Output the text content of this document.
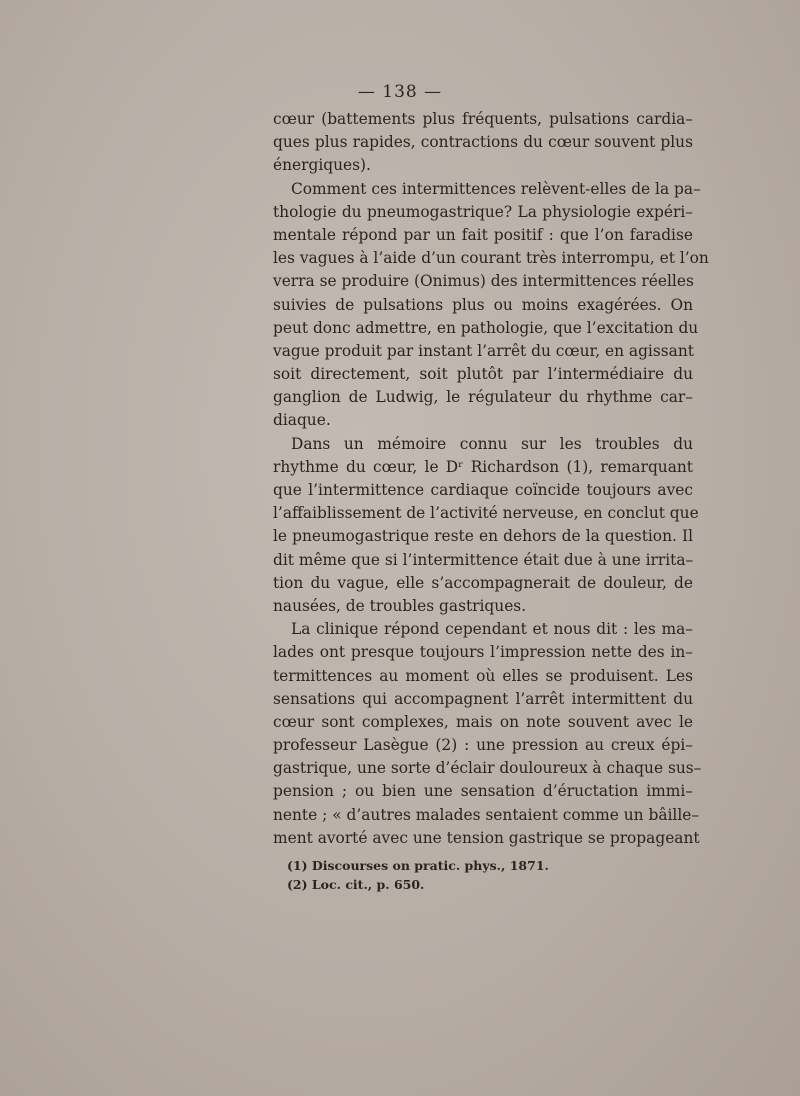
— 138 —
cœur (battements plus fréquents, pulsations cardia–
ques plus rapides, contractions du cœur souvent plus
énergiques).
Comment ces intermittences relèvent-elles de la pa–
thologie du pneumogastrique? La physiologie expéri–
mentale répond par un fait positif : que l’on faradise
les vagues à l’aide d’un courant très interrompu, et l’on
verra se produire (Onimus) des intermittences réelles
suivies de pulsations plus ou moins exagérées. On
peut donc admettre, en pathologie, que l’excitation du
vague produit par instant l’arrêt du cœur, en agissant
soit directement, soit plutôt par l’intermédiaire du
ganglion de Ludwig, le régulateur du rhythme car–
diaque.
Dans un mémoire connu sur les troubles du
rhythme du cœur, le Dʳ Richardson (1), remarquant
que l’intermittence cardiaque coïncide toujours avec
l’affaiblissement de l’activité nerveuse, en conclut que
le pneumogastrique reste en dehors de la question. Il
dit même que si l’intermittence était due à une irrita–
tion du vague, elle s’accompagnerait de douleur, de
nausées, de troubles gastriques.
La clinique répond cependant et nous dit : les ma–
lades ont presque toujours l’impression nette des in–
termittences au moment où elles se produisent. Les
sensations qui accompagnent l’arrêt intermittent du
cœur sont complexes, mais on note souvent avec le
professeur Lasègue (2) : une pression au creux épi–
gastrique, une sorte d’éclair douloureux à chaque sus–
pension ; ou bien une sensation d’éructation immi–
nente ; « d’autres malades sentaient comme un bâille–
ment avorté avec une tension gastrique se propageant
(1) Discourses on pratic. phys., 1871.
(2) Loc. cit., p. 650.
